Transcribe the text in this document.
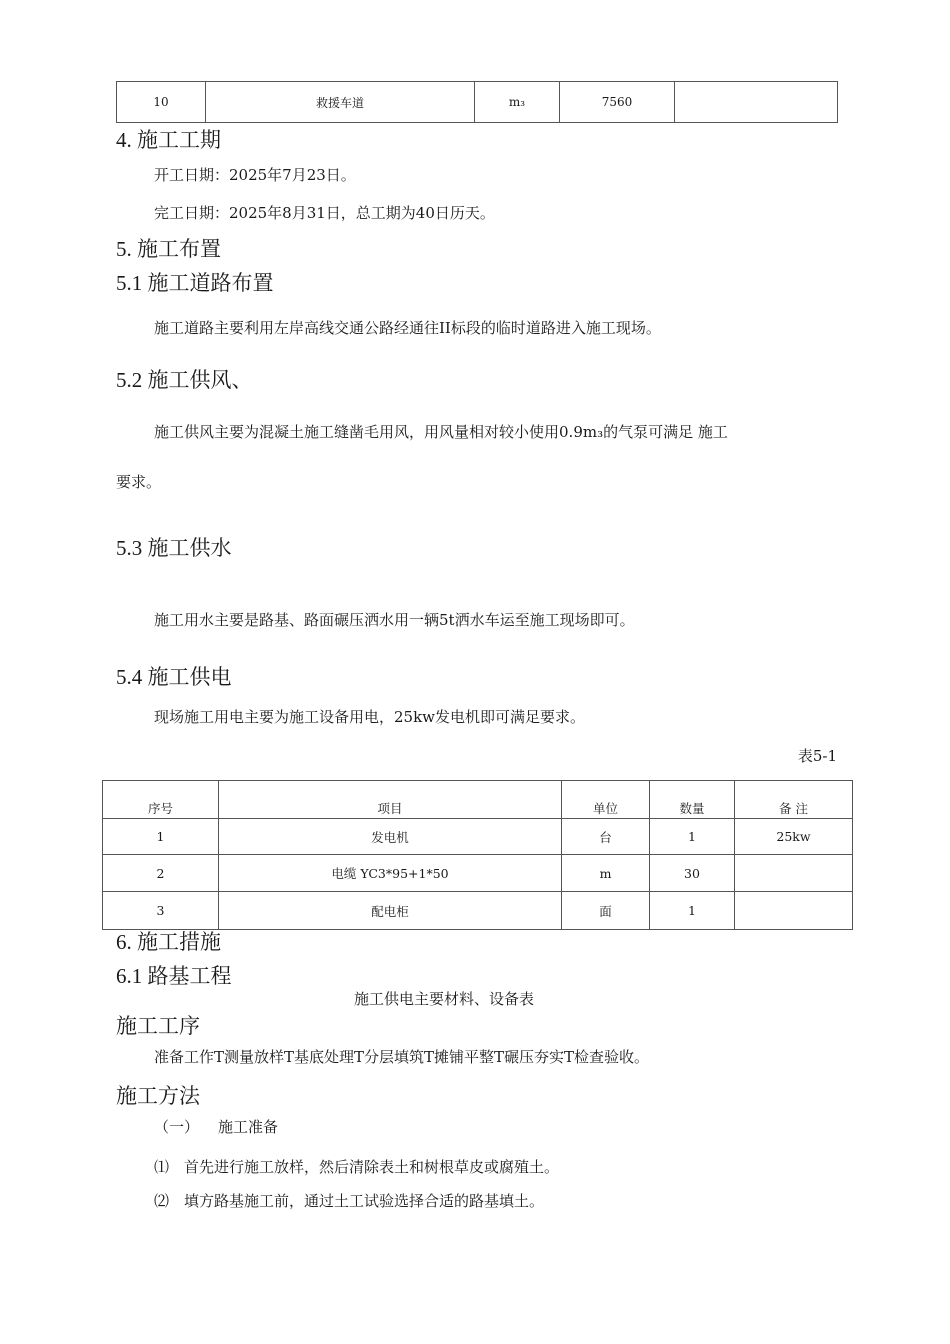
10	救援车道	m₃	7560	
4. 施工工期
开工日期：2025年7月23日。
完工日期：2025年8月31日，总工期为40日历天。
5. 施工布置
5.1 施工道路布置
施工道路主要利用左岸高线交通公路经通往II标段的临时道路进入施工现场。
5.2 施工供风、
施工供风主要为混凝土施工缝凿毛用风，用风量相对较小使用0.9m₃的气泵可满足 施工
要求。
5.3 施工供水
施工用水主要是路基、路面碾压洒水用一辆5t洒水车运至施工现场即可。
5.4 施工供电
现场施工用电主要为施工设备用电，25kw发电机即可满足要求。
表5-1
序号	项目	单位	数量	备 注
1	发电机	台	1	25kw
2	电缆 YC3*95+1*50	m	30	
3	配电柜	面	1	
6. 施工措施
6.1 路基工程
施工供电主要材料、设备表
施工工序
准备工作T测量放样T基底处理T分层填筑T摊铺平整T碾压夯实T检查验收。
施工方法
（一） 施工准备
⑴　首先进行施工放样，然后清除表土和树根草皮或腐殖土。
⑵　填方路基施工前，通过土工试验选择合适的路基填土。
